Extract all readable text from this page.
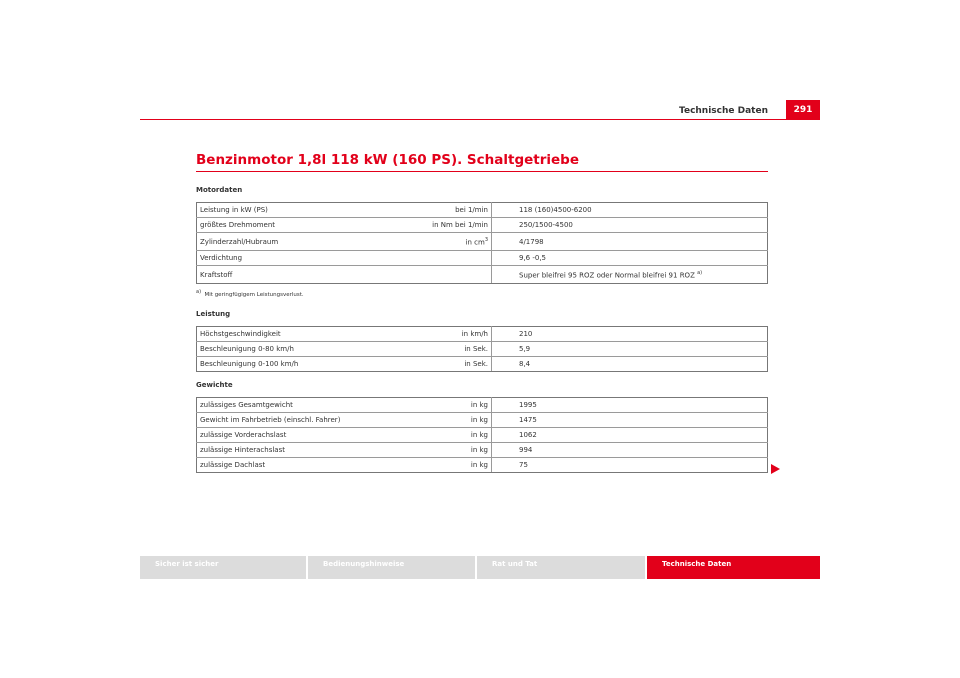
Technische Daten	291
Benzinmotor 1,8l 118 kW (160 PS). Schaltgetriebe
Motordaten
Leistung in kW (PS)	bei 1/min	118 (160)4500-6200
größtes Drehmoment	in Nm bei 1/min	250/1500-4500
Zylinderzahl/Hubraum	in $cm^3$	4/1798
Verdichtung		9,6 -0,5
Kraftstoff		Super bleifrei 95 ROZ oder Normal bleifrei 91 ROZ $^{a)}$
$^{a)}$ Mit geringfügigem Leistungsverlust.
Leistung
Höchstgeschwindigkeit	in km/h	210
Beschleunigung 0-80 km/h	in Sek.	5,9
Beschleunigung 0-100 km/h	in Sek.	8,4
Gewichte
zulässiges Gesamtgewicht	in kg	1995
Gewicht im Fahrbetrieb (einschl. Fahrer)	in kg	1475
zulässige Vorderachslast	in kg	1062
zulässige Hinterachslast	in kg	994
zulässige Dachlast	in kg	75
Sicher ist sicher	Bedienungshinweise	Rat und Tat	Technische Daten
